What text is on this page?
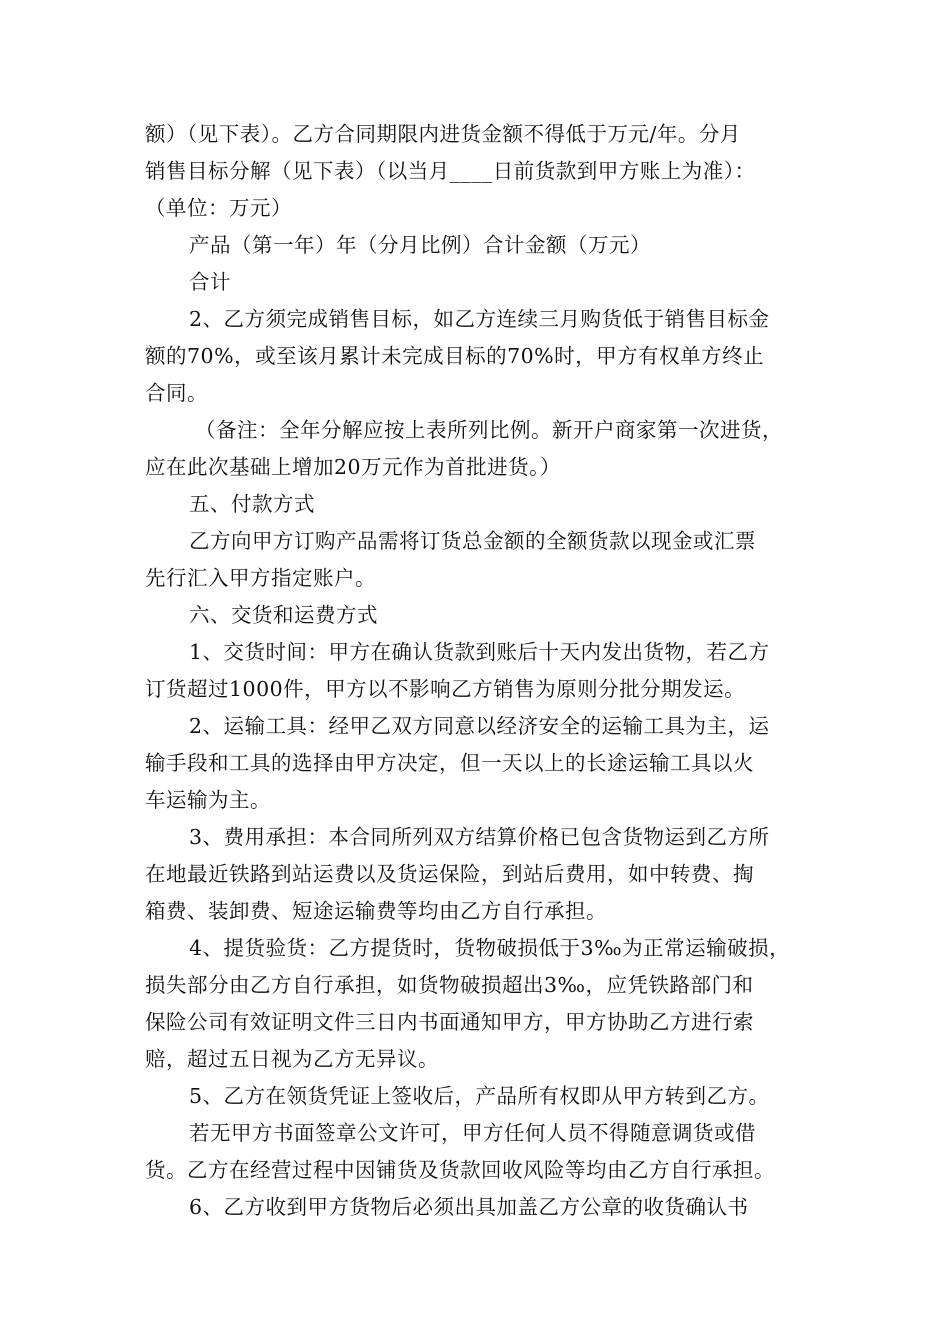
额）（见下表）。乙方合同期限内进货金额不得低于万元/年。分月
销售目标分解（见下表）（以当月____日前货款到甲方账上为准）：
（单位：万元）
产品（第一年）年（分月比例）合计金额（万元）
合计
2、乙方须完成销售目标，如乙方连续三月购货低于销售目标金
额的70%，或至该月累计未完成目标的70%时，甲方有权单方终止
合同。
（备注：全年分解应按上表所列比例。新开户商家第一次进货，
应在此次基础上增加20万元作为首批进货。）
五、付款方式
乙方向甲方订购产品需将订货总金额的全额货款以现金或汇票
先行汇入甲方指定账户。
六、交货和运费方式
1、交货时间：甲方在确认货款到账后十天内发出货物，若乙方
订货超过1000件，甲方以不影响乙方销售为原则分批分期发运。
2、运输工具：经甲乙双方同意以经济安全的运输工具为主，运
输手段和工具的选择由甲方决定，但一天以上的长途运输工具以火
车运输为主。
3、费用承担：本合同所列双方结算价格已包含货物运到乙方所
在地最近铁路到站运费以及货运保险，到站后费用，如中转费、掏
箱费、装卸费、短途运输费等均由乙方自行承担。
4、提货验货：乙方提货时，货物破损低于3‰为正常运输破损，
损失部分由乙方自行承担，如货物破损超出3‰，应凭铁路部门和
保险公司有效证明文件三日内书面通知甲方，甲方协助乙方进行索
赔，超过五日视为乙方无异议。
5、乙方在领货凭证上签收后，产品所有权即从甲方转到乙方。
若无甲方书面签章公文许可，甲方任何人员不得随意调货或借
货。乙方在经营过程中因铺货及货款回收风险等均由乙方自行承担。
6、乙方收到甲方货物后必须出具加盖乙方公章的收货确认书
